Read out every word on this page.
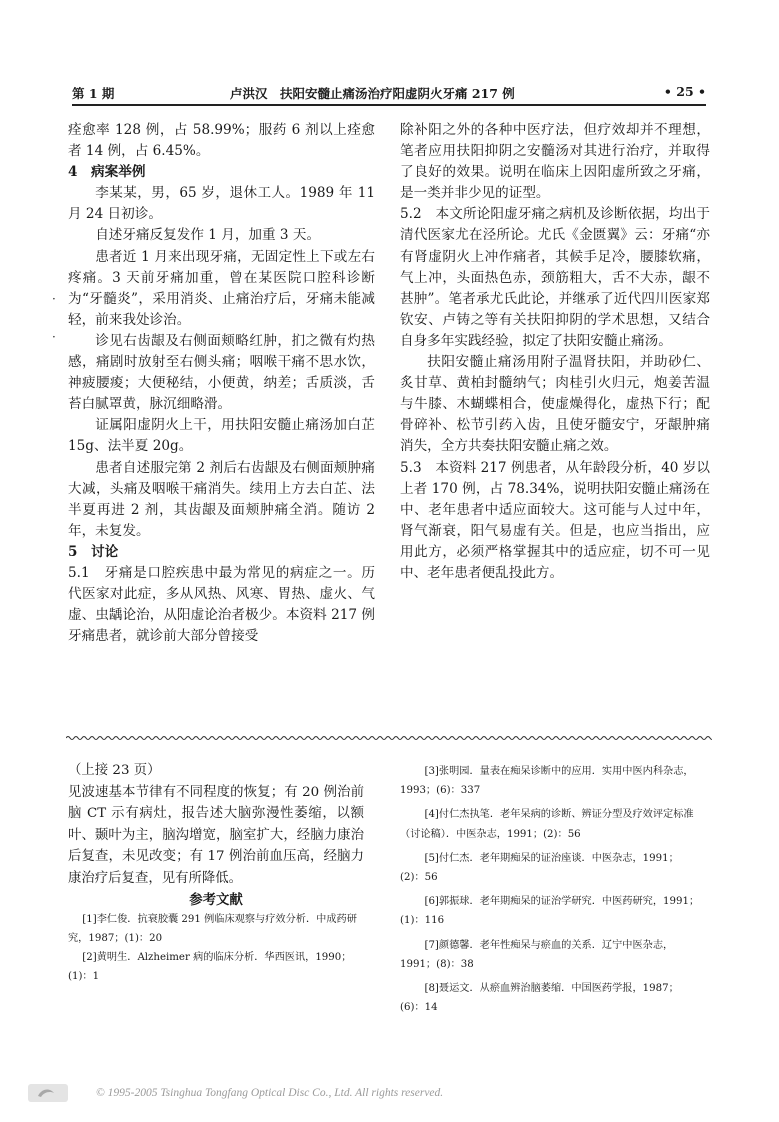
第 1 期	卢洪汉　扶阳安髓止痛汤治疗阳虚阴火牙痛 217 例	• 25 •

痊愈率 128 例，占 58.99%；服药 6 剂以上痊愈者 14 例，占 6.45%。

4　病案举例

李某某，男，65 岁，退休工人。1989 年 11 月 24 日初诊。

自述牙痛反复发作 1 月，加重 3 天。

患者近 1 月来出现牙痛，无固定性上下或左右疼痛。3 天前牙痛加重，曾在某医院口腔科诊断为“牙髓炎”，采用消炎、止痛治疗后，牙痛未能减轻，前来我处诊治。

诊见右齿龈及右侧面颊略红肿，扪之微有灼热感，痛剧时放射至右侧头痛；咽喉干痛不思水饮，神疲腰痠；大便秘结，小便黄，纳差；舌质淡，舌苔白腻罩黄，脉沉细略滑。

证属阳虚阴火上干，用扶阳安髓止痛汤加白芷 15g、法半夏 20g。

患者自述服完第 2 剂后右齿龈及右侧面颊肿痛大减，头痛及咽喉干痛消失。续用上方去白芷、法半夏再进 2 剂，其齿龈及面颊肿痛全消。随访 2 年，未复发。

5　讨论

5.1　牙痛是口腔疾患中最为常见的病症之一。历代医家对此症，多从风热、风寒、胃热、虚火、气虚、虫龋论治，从阳虚论治者极少。本资料 217 例牙痛患者，就诊前大部分曾接受

除补阳之外的各种中医疗法，但疗效却并不理想，笔者应用扶阳抑阴之安髓汤对其进行治疗，并取得了良好的效果。说明在临床上因阳虚所致之牙痛，是一类并非少见的证型。

5.2　本文所论阳虚牙痛之病机及诊断依据，均出于清代医家尤在泾所论。尤氏《金匮翼》云：牙痛“亦有肾虚阴火上冲作痛者，其候手足冷，腰膝软痛，气上冲，头面热色赤，颈筋粗大，舌不大赤，龈不甚肿”。笔者承尤氏此论，并继承了近代四川医家郑钦安、卢铸之等有关扶阳抑阴的学术思想，又结合自身多年实践经验，拟定了扶阳安髓止痛汤。

扶阳安髓止痛汤用附子温肾扶阳，并助砂仁、炙甘草、黄柏封髓纳气；肉桂引火归元，炮姜苦温与牛膝、木蝴蝶相合，使虚燥得化，虚热下行；配骨碎补、松节引药入齿，且使牙髓安宁，牙龈肿痛消失，全方共奏扶阳安髓止痛之效。

5.3　本资料 217 例患者，从年龄段分析，40 岁以上者 170 例，占 78.34%，说明扶阳安髓止痛汤在中、老年患者中适应面较大。这可能与人过中年，肾气渐衰，阳气易虚有关。但是，也应当指出，应用此方，必须严格掌握其中的适应症，切不可一见中、老年患者便乱投此方。

（上接 23 页）

见波速基本节律有不同程度的恢复；有 20 例治前脑 CT 示有病灶，报告述大脑弥漫性萎缩，以额叶、颞叶为主，脑沟增宽，脑室扩大，经脑力康治后复查，未见改变；有 17 例治前血压高，经脑力康治疗后复查，见有所降低。

参考文献

[1]李仁俊．抗衰胶囊 291 例临床观察与疗效分析．中成药研究，1987；(1)：20

[2]黄明生．Alzheimer 病的临床分析．华西医讯，1990；(1)：1

[3]张明园．量表在痴呆诊断中的应用．实用中医内科杂志，1993；(6)：337

[4]付仁杰执笔．老年呆病的诊断、辨证分型及疗效评定标准（讨论稿）．中医杂志，1991；(2)：56

[5]付仁杰．老年期痴呆的证治座谈．中医杂志，1991；(2)：56

[6]郭振球．老年期痴呆的证治学研究．中医药研究，1991；(1)：116

[7]颜德馨．老年性痴呆与瘀血的关系．辽宁中医杂志，1991；(8)：38

[8]聂运文．从瘀血辨治脑萎缩．中国医药学报，1987；(6)：14

·
·
© 1995-2005 Tsinghua Tongfang Optical Disc Co., Ltd. All rights reserved.
